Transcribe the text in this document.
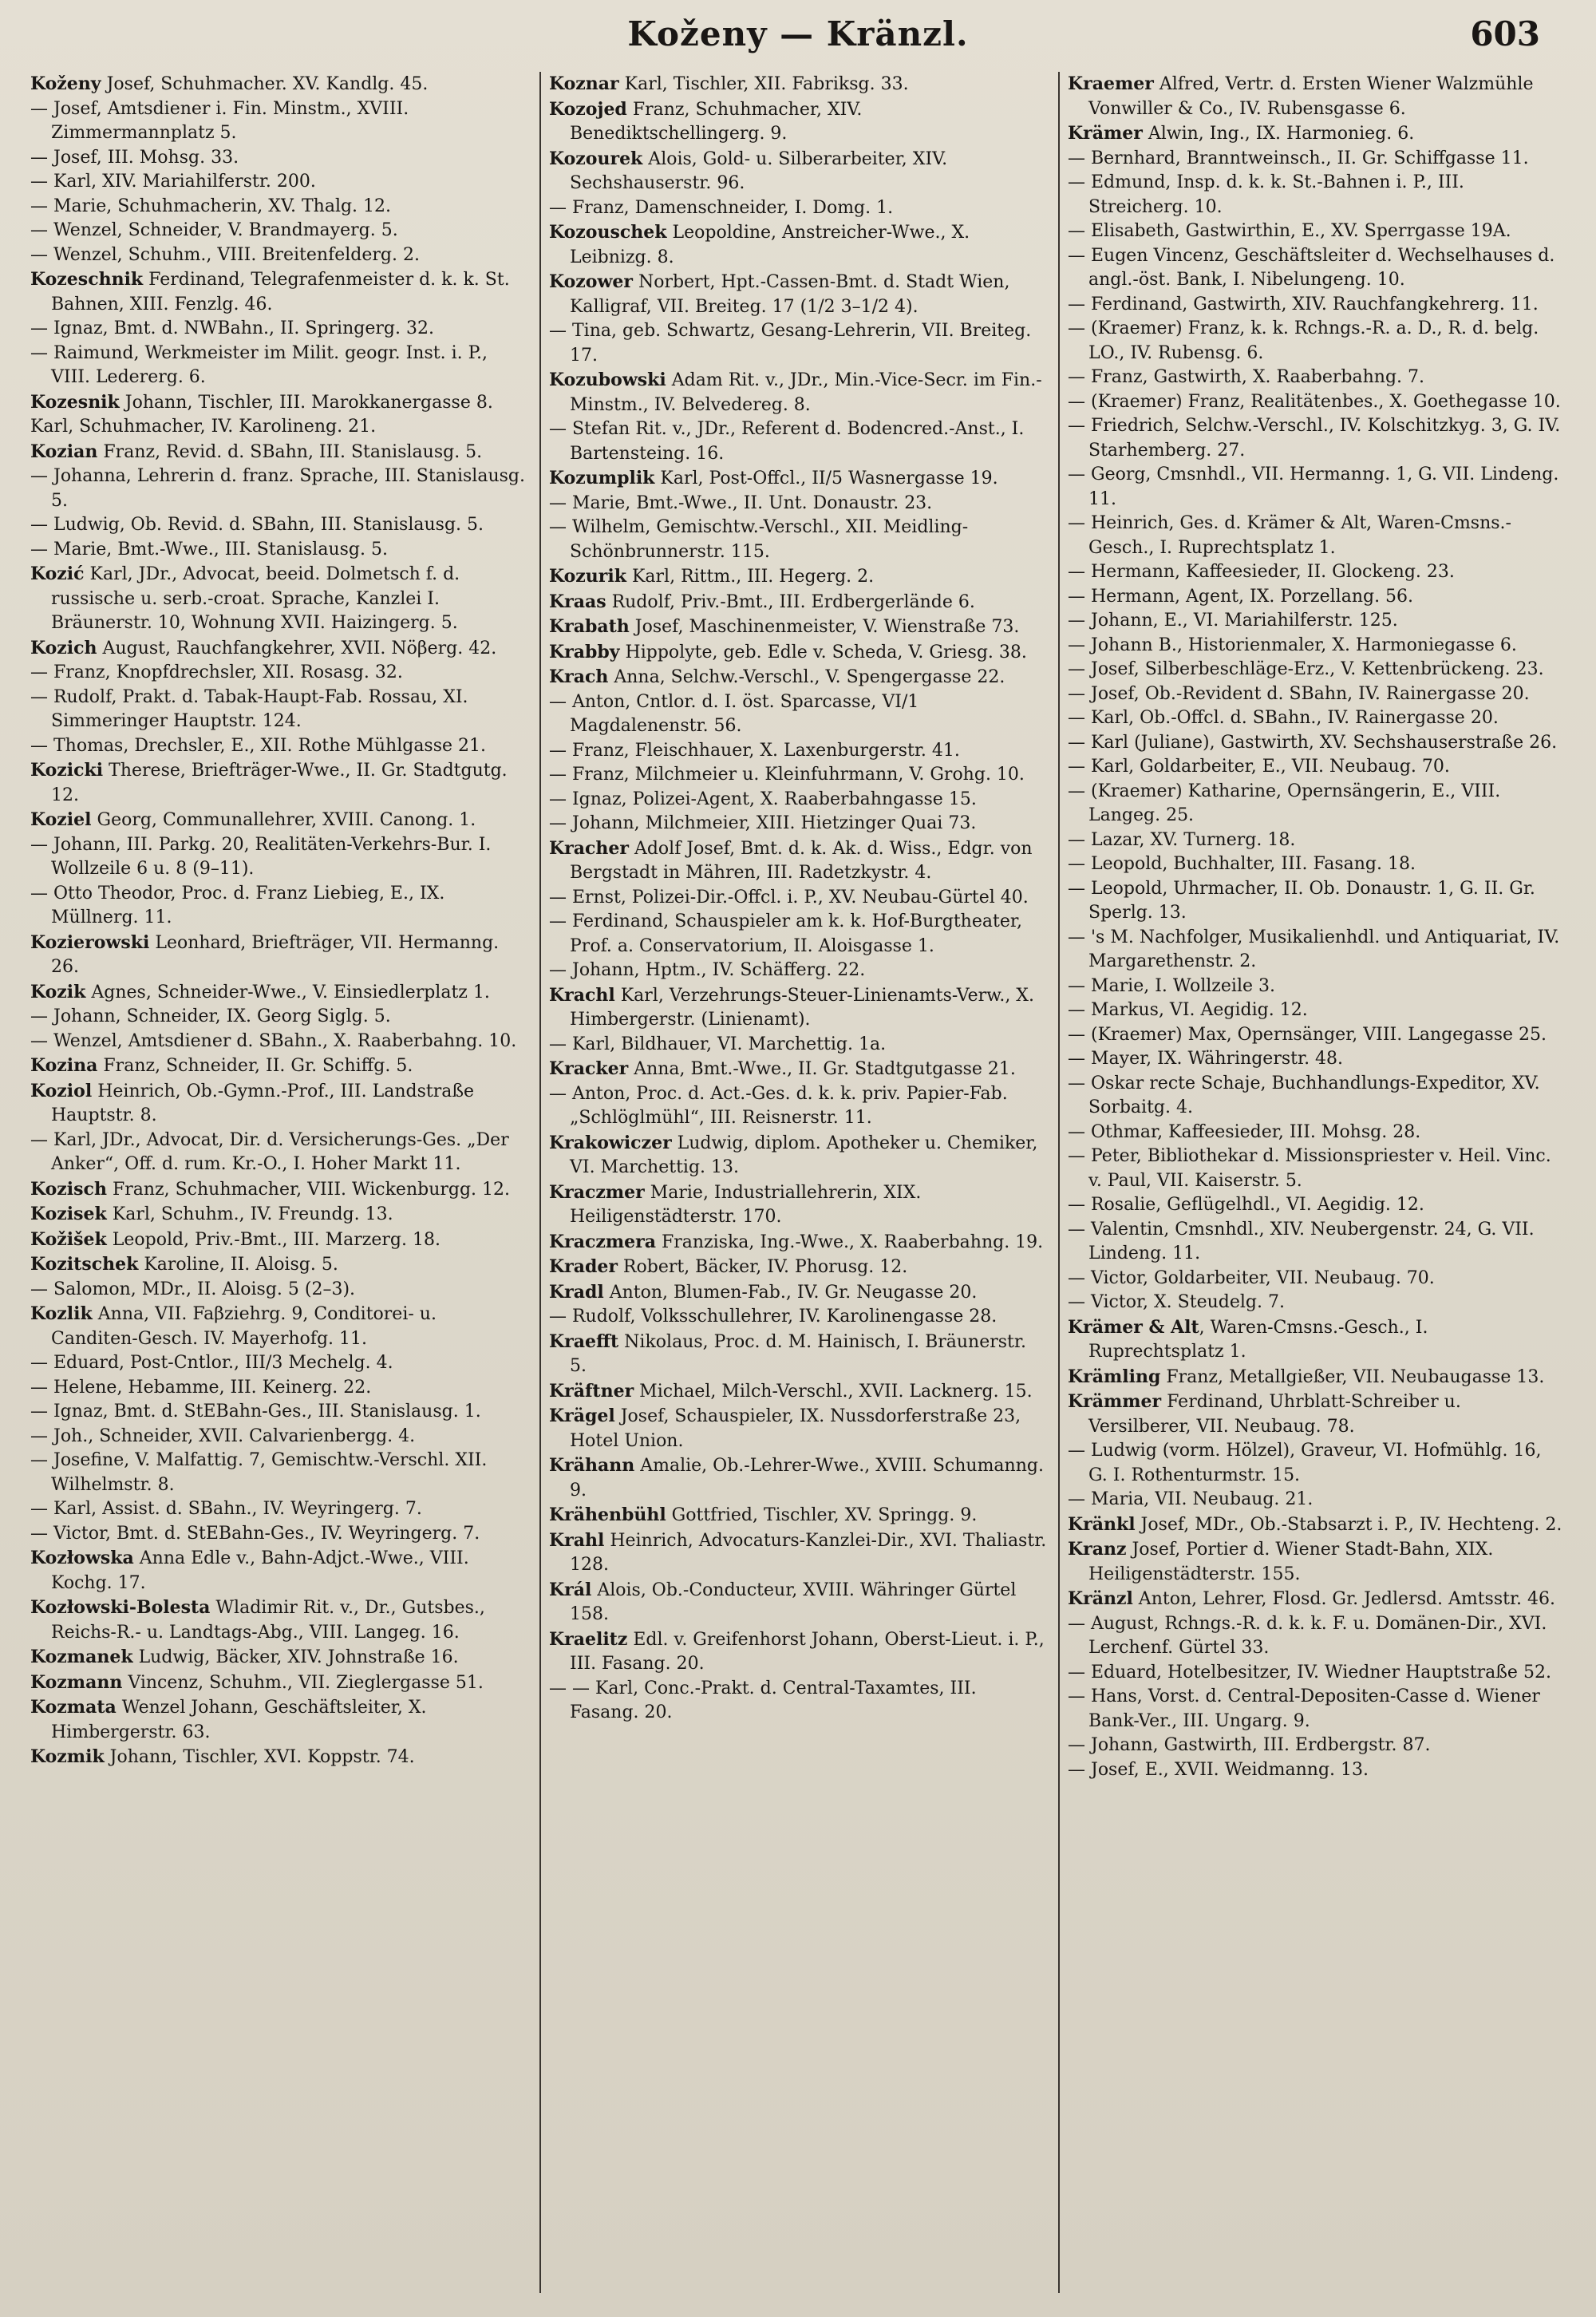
Koženy — Kränzl.	603

Koženy Josef, Schuhmacher. XV. Kandlg. 45.

— Josef, Amtsdiener i. Fin. Minstm., XVIII. Zimmermannplatz 5.

— Josef, III. Mohsg. 33.

— Karl, XIV. Mariahilferstr. 200.

— Marie, Schuhmacherin, XV. Thalg. 12.

— Wenzel, Schneider, V. Brandmayerg. 5.

— Wenzel, Schuhm., VIII. Breitenfelderg. 2.

Kozeschnik Ferdinand, Telegrafenmeister d. k. k. St. Bahnen, XIII. Fenzlg. 46.

— Ignaz, Bmt. d. NWBahn., II. Springerg. 32.

— Raimund, Werkmeister im Milit. geogr. Inst. i. P., VIII. Ledererg. 6.

Kozesnik Johann, Tischler, III. Marokkanergasse 8.

Karl, Schuhmacher, IV. Karolineng. 21.

Kozian Franz, Revid. d. SBahn, III. Stanislausg. 5.

— Johanna, Lehrerin d. franz. Sprache, III. Stanislausg. 5.

— Ludwig, Ob. Revid. d. SBahn, III. Stanislausg. 5.

— Marie, Bmt.-Wwe., III. Stanislausg. 5.

Kozić Karl, JDr., Advocat, beeid. Dolmetsch f. d. russische u. serb.-croat. Sprache, Kanzlei I. Bräunerstr. 10, Wohnung XVII. Haizingerg. 5.

Kozich August, Rauchfangkehrer, XVII. Nöβerg. 42.

— Franz, Knopfdrechsler, XII. Rosasg. 32.

— Rudolf, Prakt. d. Tabak-Haupt-Fab. Rossau, XI. Simmeringer Hauptstr. 124.

— Thomas, Drechsler, E., XII. Rothe Mühlgasse 21.

Kozicki Therese, Briefträger-Wwe., II. Gr. Stadtgutg. 12.

Koziel Georg, Communallehrer, XVIII. Canong. 1.

— Johann, III. Parkg. 20, Realitäten-Verkehrs-Bur. I. Wollzeile 6 u. 8 (9–11).

— Otto Theodor, Proc. d. Franz Liebieg, E., IX. Müllnerg. 11.

Kozierowski Leonhard, Briefträger, VII. Hermanng. 26.

Kozik Agnes, Schneider-Wwe., V. Einsiedlerplatz 1.

— Johann, Schneider, IX. Georg Siglg. 5.

— Wenzel, Amtsdiener d. SBahn., X. Raaberbahng. 10.

Kozina Franz, Schneider, II. Gr. Schiffg. 5.

Koziol Heinrich, Ob.-Gymn.-Prof., III. Landstraße Hauptstr. 8.

— Karl, JDr., Advocat, Dir. d. Versicherungs-Ges. „Der Anker“, Off. d. rum. Kr.-O., I. Hoher Markt 11.

Kozisch Franz, Schuhmacher, VIII. Wickenburgg. 12.

Kozisek Karl, Schuhm., IV. Freundg. 13.

Kožišek Leopold, Priv.-Bmt., III. Marzerg. 18.

Kozitschek Karoline, II. Aloisg. 5.

— Salomon, MDr., II. Aloisg. 5 (2–3).

Kozlik Anna, VII. Faβziehrg. 9, Conditorei- u. Canditen-Gesch. IV. Mayerhofg. 11.

— Eduard, Post-Cntlor., III/3 Mechelg. 4.

— Helene, Hebamme, III. Keinerg. 22.

— Ignaz, Bmt. d. StEBahn-Ges., III. Stanislausg. 1.

— Joh., Schneider, XVII. Calvarienbergg. 4.

— Josefine, V. Malfattig. 7, Gemischtw.-Verschl. XII. Wilhelmstr. 8.

— Karl, Assist. d. SBahn., IV. Weyringerg. 7.

— Victor, Bmt. d. StEBahn-Ges., IV. Weyringerg. 7.

Kozłowska Anna Edle v., Bahn-Adjct.-Wwe., VIII. Kochg. 17.

Kozłowski-Bolesta Wladimir Rit. v., Dr., Gutsbes., Reichs-R.- u. Landtags-Abg., VIII. Langeg. 16.

Kozmanek Ludwig, Bäcker, XIV. Johnstraße 16.

Kozmann Vincenz, Schuhm., VII. Zieglergasse 51.

Kozmata Wenzel Johann, Geschäftsleiter, X. Himbergerstr. 63.

Kozmik Johann, Tischler, XVI. Koppstr. 74.

Koznar Karl, Tischler, XII. Fabriksg. 33.

Kozojed Franz, Schuhmacher, XIV. Benediktschellingerg. 9.

Kozourek Alois, Gold- u. Silberarbeiter, XIV. Sechshauserstr. 96.

— Franz, Damenschneider, I. Domg. 1.

Kozouschek Leopoldine, Anstreicher-Wwe., X. Leibnizg. 8.

Kozower Norbert, Hpt.-Cassen-Bmt. d. Stadt Wien, Kalligraf, VII. Breiteg. 17 (1/2 3–1/2 4).

— Tina, geb. Schwartz, Gesang-Lehrerin, VII. Breiteg. 17.

Kozubowski Adam Rit. v., JDr., Min.-Vice-Secr. im Fin.-Minstm., IV. Belvedereg. 8.

— Stefan Rit. v., JDr., Referent d. Bodencred.-Anst., I. Bartensteing. 16.

Kozumplik Karl, Post-Offcl., II/5 Wasnergasse 19.

— Marie, Bmt.-Wwe., II. Unt. Donaustr. 23.

— Wilhelm, Gemischtw.-Verschl., XII. Meidling-Schönbrunnerstr. 115.

Kozurik Karl, Rittm., III. Hegerg. 2.

Kraas Rudolf, Priv.-Bmt., III. Erdbergerlände 6.

Krabath Josef, Maschinenmeister, V. Wienstraße 73.

Krabby Hippolyte, geb. Edle v. Scheda, V. Griesg. 38.

Krach Anna, Selchw.-Verschl., V. Spengergasse 22.

— Anton, Cntlor. d. I. öst. Sparcasse, VI/1 Magdalenenstr. 56.

— Franz, Fleischhauer, X. Laxenburgerstr. 41.

— Franz, Milchmeier u. Kleinfuhrmann, V. Grohg. 10.

— Ignaz, Polizei-Agent, X. Raaberbahngasse 15.

— Johann, Milchmeier, XIII. Hietzinger Quai 73.

Kracher Adolf Josef, Bmt. d. k. Ak. d. Wiss., Edgr. von Bergstadt in Mähren, III. Radetzkystr. 4.

— Ernst, Polizei-Dir.-Offcl. i. P., XV. Neubau-Gürtel 40.

— Ferdinand, Schauspieler am k. k. Hof-Burgtheater, Prof. a. Conservatorium, II. Aloisgasse 1.

— Johann, Hptm., IV. Schäfferg. 22.

Krachl Karl, Verzehrungs-Steuer-Linienamts-Verw., X. Himbergerstr. (Linienamt).

— Karl, Bildhauer, VI. Marchettig. 1a.

Kracker Anna, Bmt.-Wwe., II. Gr. Stadtgutgasse 21.

— Anton, Proc. d. Act.-Ges. d. k. k. priv. Papier-Fab. „Schlöglmühl“, III. Reisnerstr. 11.

Krakowiczer Ludwig, diplom. Apotheker u. Chemiker, VI. Marchettig. 13.

Kraczmer Marie, Industriallehrerin, XIX. Heiligenstädterstr. 170.

Kraczmera Franziska, Ing.-Wwe., X. Raaberbahng. 19.

Krader Robert, Bäcker, IV. Phorusg. 12.

Kradl Anton, Blumen-Fab., IV. Gr. Neugasse 20.

— Rudolf, Volksschullehrer, IV. Karolinengasse 28.

Kraefft Nikolaus, Proc. d. M. Hainisch, I. Bräunerstr. 5.

Kräftner Michael, Milch-Verschl., XVII. Lacknerg. 15.

Krägel Josef, Schauspieler, IX. Nussdorferstraße 23, Hotel Union.

Krähann Amalie, Ob.-Lehrer-Wwe., XVIII. Schumanng. 9.

Krähenbühl Gottfried, Tischler, XV. Springg. 9.

Krahl Heinrich, Advocaturs-Kanzlei-Dir., XVI. Thaliastr. 128.

Král Alois, Ob.-Conducteur, XVIII. Währinger Gürtel 158.

Kraelitz Edl. v. Greifenhorst Johann, Oberst-Lieut. i. P., III. Fasang. 20.

— — Karl, Conc.-Prakt. d. Central-Taxamtes, III. Fasang. 20.

Kraemer Alfred, Vertr. d. Ersten Wiener Walzmühle Vonwiller & Co., IV. Rubensgasse 6.

Krämer Alwin, Ing., IX. Harmonieg. 6.

— Bernhard, Branntweinsch., II. Gr. Schiffgasse 11.

— Edmund, Insp. d. k. k. St.-Bahnen i. P., III. Streicherg. 10.

— Elisabeth, Gastwirthin, E., XV. Sperrgasse 19A.

— Eugen Vincenz, Geschäftsleiter d. Wechselhauses d. angl.-öst. Bank, I. Nibelungeng. 10.

— Ferdinand, Gastwirth, XIV. Rauchfangkehrerg. 11.

— (Kraemer) Franz, k. k. Rchngs.-R. a. D., R. d. belg. LO., IV. Rubensg. 6.

— Franz, Gastwirth, X. Raaberbahng. 7.

— (Kraemer) Franz, Realitätenbes., X. Goethegasse 10.

— Friedrich, Selchw.-Verschl., IV. Kolschitzkyg. 3, G. IV. Starhemberg. 27.

— Georg, Cmsnhdl., VII. Hermanng. 1, G. VII. Lindeng. 11.

— Heinrich, Ges. d. Krämer & Alt, Waren-Cmsns.-Gesch., I. Ruprechtsplatz 1.

— Hermann, Kaffeesieder, II. Glockeng. 23.

— Hermann, Agent, IX. Porzellang. 56.

— Johann, E., VI. Mariahilferstr. 125.

— Johann B., Historienmaler, X. Harmoniegasse 6.

— Josef, Silberbeschläge-Erz., V. Kettenbrückeng. 23.

— Josef, Ob.-Revident d. SBahn, IV. Rainergasse 20.

— Karl, Ob.-Offcl. d. SBahn., IV. Rainergasse 20.

— Karl (Juliane), Gastwirth, XV. Sechshauserstraße 26.

— Karl, Goldarbeiter, E., VII. Neubaug. 70.

— (Kraemer) Katharine, Opernsängerin, E., VIII. Langeg. 25.

— Lazar, XV. Turnerg. 18.

— Leopold, Buchhalter, III. Fasang. 18.

— Leopold, Uhrmacher, II. Ob. Donaustr. 1, G. II. Gr. Sperlg. 13.

— 's M. Nachfolger, Musikalienhdl. und Antiquariat, IV. Margarethenstr. 2.

— Marie, I. Wollzeile 3.

— Markus, VI. Aegidig. 12.

— (Kraemer) Max, Opernsänger, VIII. Langegasse 25.

— Mayer, IX. Währingerstr. 48.

— Oskar recte Schaje, Buchhandlungs-Expeditor, XV. Sorbaitg. 4.

— Othmar, Kaffeesieder, III. Mohsg. 28.

— Peter, Bibliothekar d. Missionspriester v. Heil. Vinc. v. Paul, VII. Kaiserstr. 5.

— Rosalie, Geflügelhdl., VI. Aegidig. 12.

— Valentin, Cmsnhdl., XIV. Neubergenstr. 24, G. VII. Lindeng. 11.

— Victor, Goldarbeiter, VII. Neubaug. 70.

— Victor, X. Steudelg. 7.

Krämer & Alt, Waren-Cmsns.-Gesch., I. Ruprechtsplatz 1.

Krämling Franz, Metallgießer, VII. Neubaugasse 13.

Krämmer Ferdinand, Uhrblatt-Schreiber u. Versilberer, VII. Neubaug. 78.

— Ludwig (vorm. Hölzel), Graveur, VI. Hofmühlg. 16, G. I. Rothenturmstr. 15.

— Maria, VII. Neubaug. 21.

Kränkl Josef, MDr., Ob.-Stabsarzt i. P., IV. Hechteng. 2.

Kranz Josef, Portier d. Wiener Stadt-Bahn, XIX. Heiligenstädterstr. 155.

Kränzl Anton, Lehrer, Flosd. Gr. Jedlersd. Amtsstr. 46.

— August, Rchngs.-R. d. k. k. F. u. Domänen-Dir., XVI. Lerchenf. Gürtel 33.

— Eduard, Hotelbesitzer, IV. Wiedner Hauptstraße 52.

— Hans, Vorst. d. Central-Depositen-Casse d. Wiener Bank-Ver., III. Ungarg. 9.

— Johann, Gastwirth, III. Erdbergstr. 87.

— Josef, E., XVII. Weidmanng. 13.
